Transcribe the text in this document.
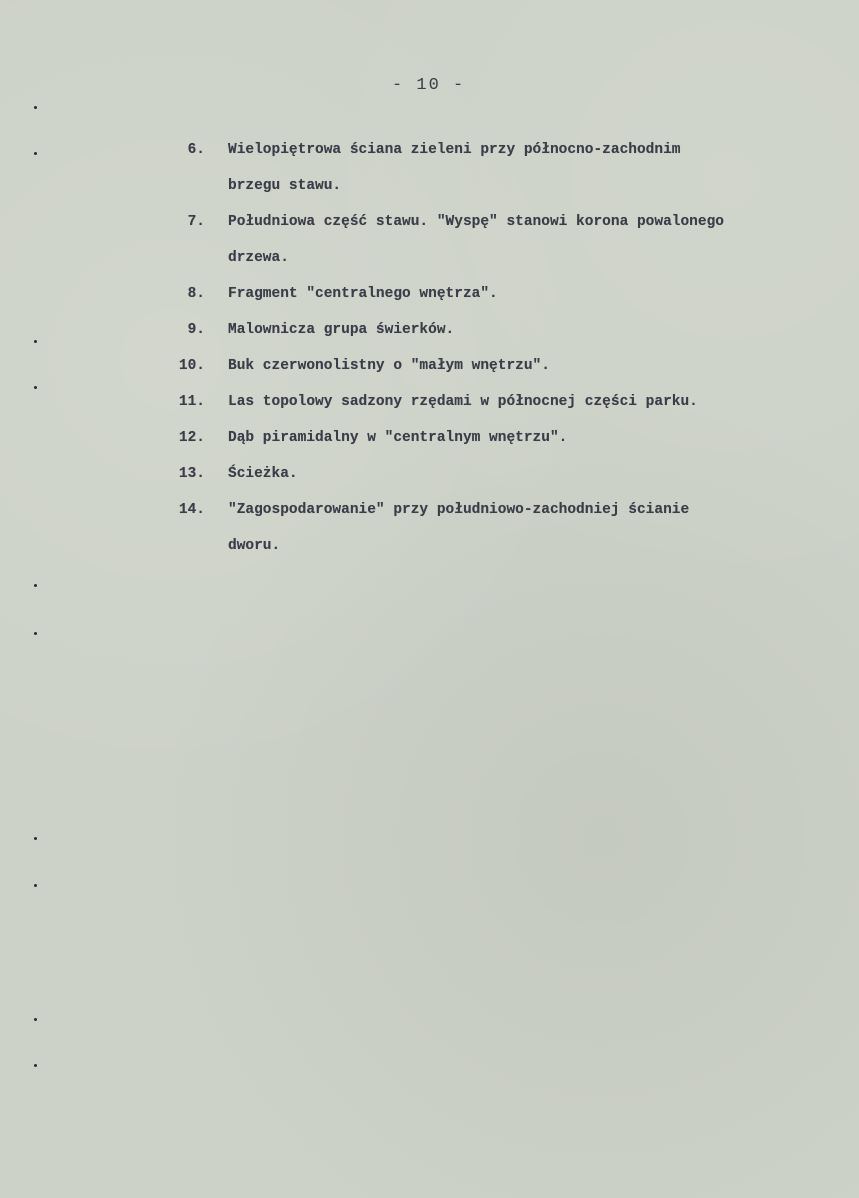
- 10 -
6. Wielopiętrowa ściana zieleni przy północno-zachodnim
brzegu stawu.
7. Południowa część stawu. "Wyspę" stanowi korona powalonego
drzewa.
8. Fragment "centralnego wnętrza".
9. Malownicza grupa świerków.
10. Buk czerwonolistny o "małym wnętrzu".
11. Las topolowy sadzony rzędami w północnej części parku.
12. Dąb piramidalny w "centralnym wnętrzu".
13. Ścieżka.
14. "Zagospodarowanie" przy południowo-zachodniej ścianie
dworu.
